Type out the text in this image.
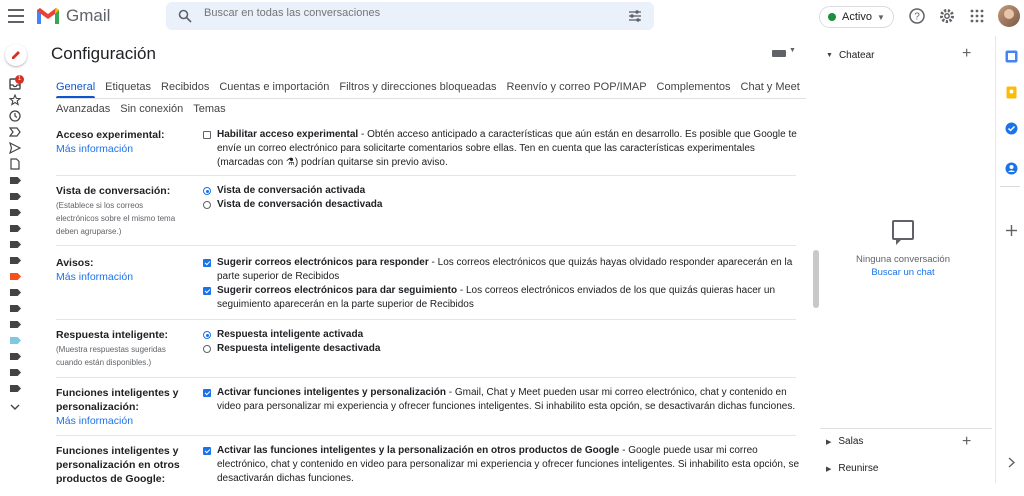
Gmail
Buscar en todas las conversaciones	Activo ▼	?
1
Configuración	▼
General Etiquetas Recibidos Cuentas e importación Filtros y direcciones bloqueadas Reenvío y correo POP/IMAP Complementos Chat y Meet
Avanzadas Sin conexión Temas
Acceso experimental:
Más información
Habilitar acceso experimental - Obtén acceso anticipado a características que aún están en desarrollo. Es posible que Google te envíe un correo electrónico para solicitarte comentarios sobre ellas. Ten en cuenta que las características experimentales (marcadas con ⚗) podrían quitarse sin previo aviso.
Vista de conversación:
(Establece si los correos electrónicos sobre el mismo tema deben agruparse.)
Vista de conversación activada
Vista de conversación desactivada
Avisos:
Más información
Sugerir correos electrónicos para responder - Los correos electrónicos que quizás hayas olvidado responder aparecerán en la parte superior de Recibidos
Sugerir correos electrónicos para dar seguimiento - Los correos electrónicos enviados de los que quizás quieras hacer un seguimiento aparecerán en la parte superior de Recibidos
Respuesta inteligente:
(Muestra respuestas sugeridas cuando están disponibles.)
Respuesta inteligente activada
Respuesta inteligente desactivada
Funciones inteligentes y personalización:
Más información
Activar funciones inteligentes y personalización - Gmail, Chat y Meet pueden usar mi correo electrónico, chat y contenido en video para personalizar mi experiencia y ofrecer funciones inteligentes. Si inhabilito esta opción, se desactivarán dichas funciones.
Funciones inteligentes y personalización en otros productos de Google:
Activar las funciones inteligentes y la personalización en otros productos de Google - Google puede usar mi correo electrónico, chat y contenido en video para personalizar mi experiencia y ofrecer funciones inteligentes. Si inhabilito esta opción, se desactivarán dichas funciones.
▼ Chatear	+
Ninguna conversación
Buscar un chat
▶ Salas	+
▶ Reunirse
